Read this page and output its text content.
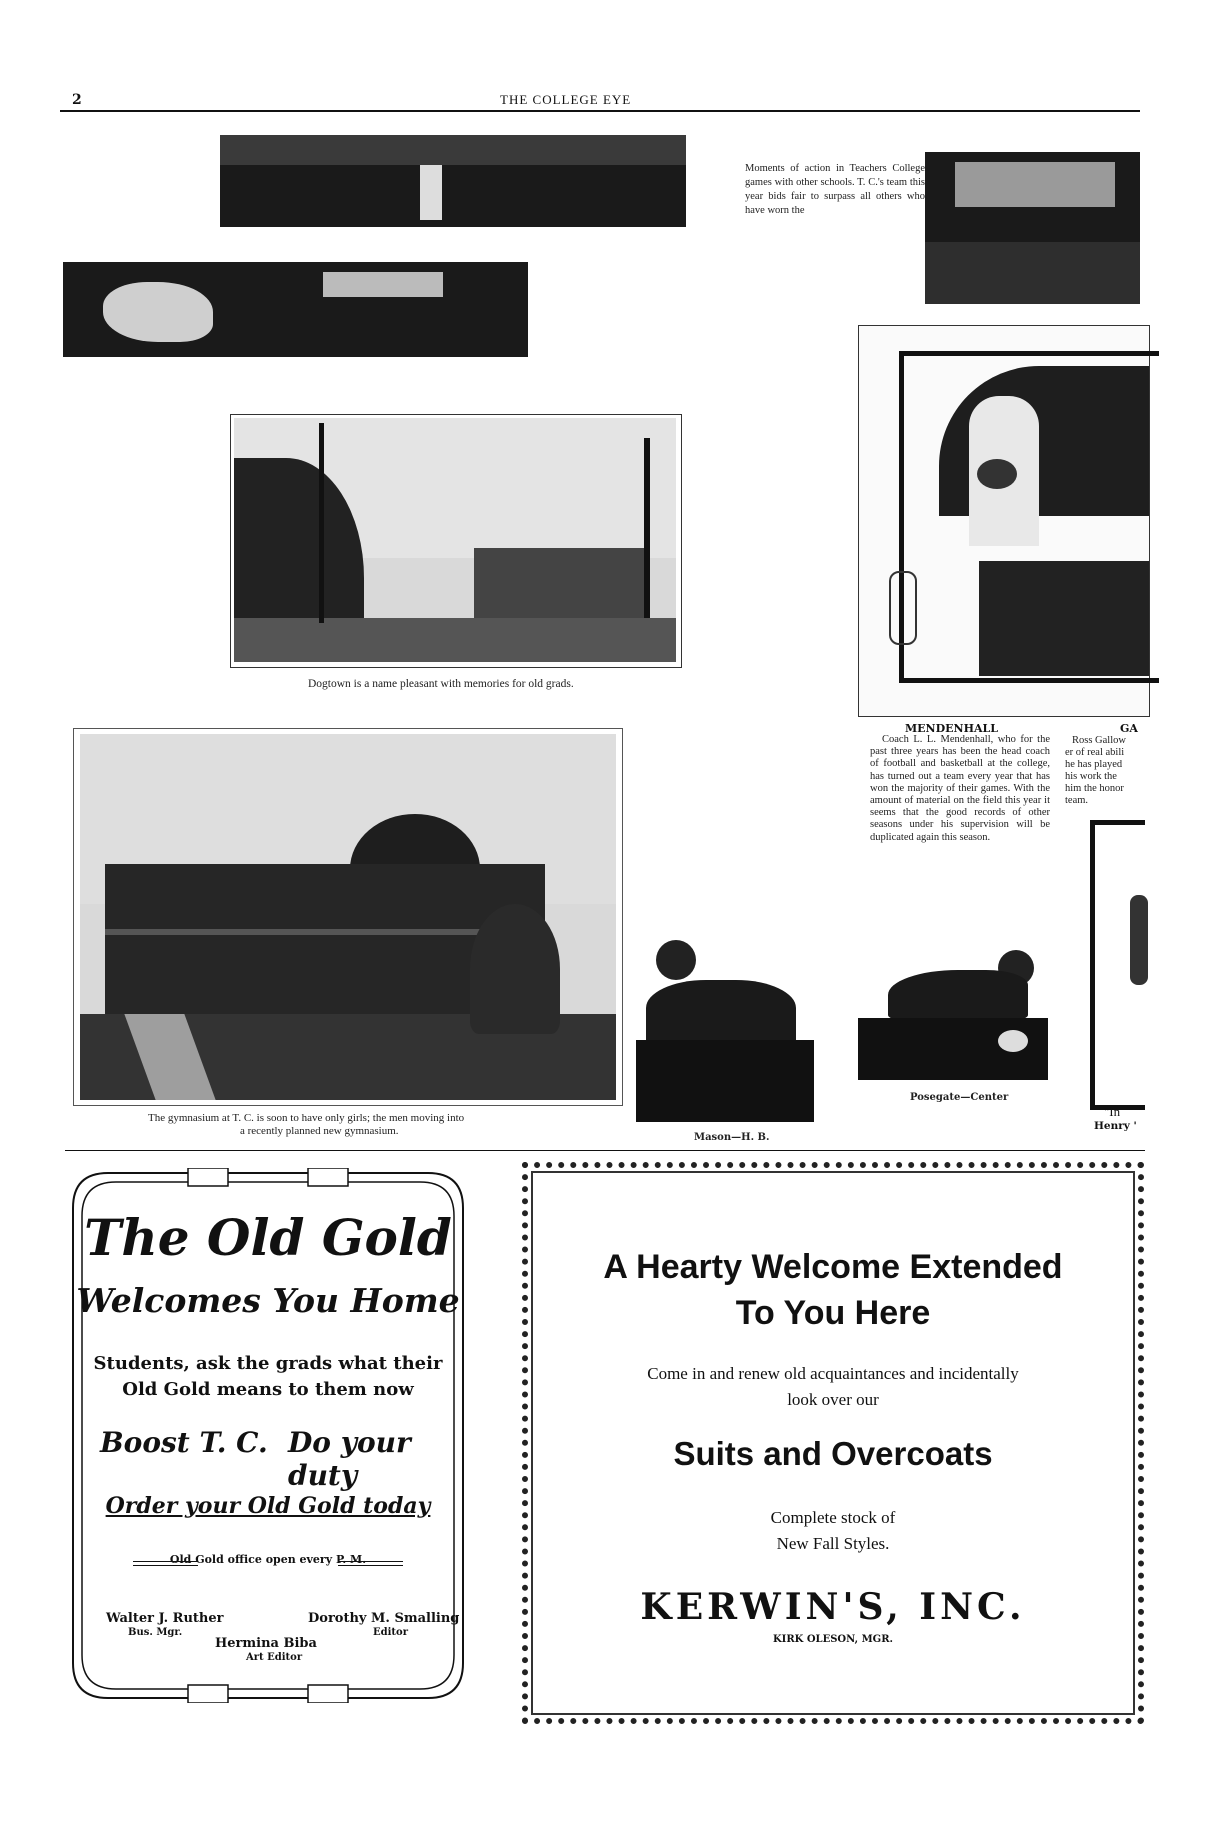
2	THE COLLEGE EYE
Moments of action in Teachers College games with other schools. T. C.'s team this year bids fair to surpass all others who have worn the
Dogtown is a name pleasant with memories for old grads.
MENDENHALL
Coach L. L. Mendenhall, who for the past three years has been the head coach of football and basketball at the college, has turned out a team every year that has won the majority of their games. With the amount of material on the field this year it seems that the good records of other seasons under his supervision will be duplicated again this season.
GA
Ross Gallow
er of real abili
he has played
his work the
him the honor
team.
"In
Henry '
The gymnasium at T. C. is soon to have only girls; the men moving into
a recently planned new gymnasium.
Mason—H. B.
Posegate—Center
The Old Gold
Welcomes You Home
Students, ask the grads what their
Old Gold means to them now
Boost T. C. Do your duty
Order your Old Gold today
Old Gold office open every P. M.
Walter J. Ruther
Bus. Mgr.
Dorothy M. Smalling
Editor
Hermina Biba
Art Editor
A Hearty Welcome Extended
To You Here
Come in and renew old acquaintances and incidentally
look over our
Suits and Overcoats
Complete stock of
New Fall Styles.
KERWIN'S, INC.
KIRK OLESON, MGR.
